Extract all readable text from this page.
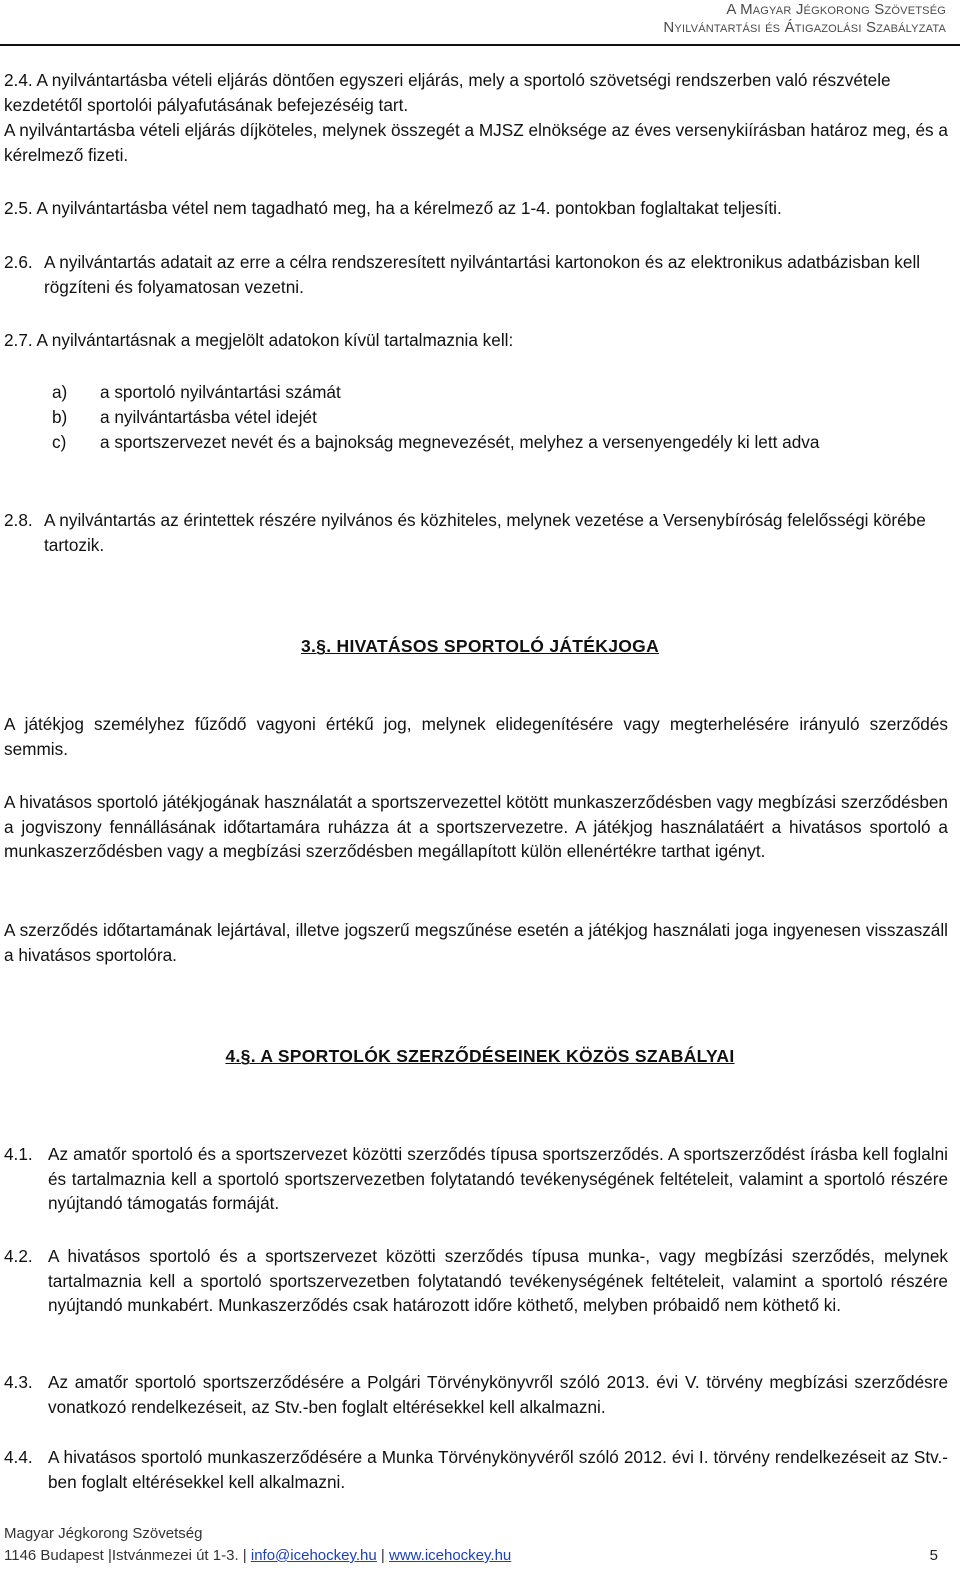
A Magyar Jégkorong Szövetség
Nyilvántartási és Átigazolási Szabályzata
2.4. A nyilvántartásba vételi eljárás döntően egyszeri eljárás, mely a sportoló szövetségi rendszerben való részvétele kezdetétől sportolói pályafutásának befejezéséig tart.
A nyilvántartásba vételi eljárás díjköteles, melynek összegét a MJSZ elnöksége az éves versenykiírásban határoz meg, és a kérelmező fizeti.
2.5. A nyilvántartásba vétel nem tagadható meg, ha a kérelmező az 1-4. pontokban foglaltakat teljesíti.
2.6. A nyilvántartás adatait az erre a célra rendszeresített nyilvántartási kartonokon és az elektronikus adatbázisban kell rögzíteni és folyamatosan vezetni.
2.7. A nyilvántartásnak a megjelölt adatokon kívül tartalmaznia kell:
a)	a sportoló nyilvántartási számát
b)	a nyilvántartásba vétel idejét
c)	a sportszervezet nevét és a bajnokság megnevezését, melyhez a versenyengedély ki lett adva
2.8. A nyilvántartás az érintettek részére nyilvános és közhiteles, melynek vezetése a Versenybíróság felelősségi körébe tartozik.
3.§. HIVATÁSOS SPORTOLÓ JÁTÉKJOGA
A játékjog személyhez fűződő vagyoni értékű jog, melynek elidegenítésére vagy megterhelésére irányuló szerződés semmis.
A hivatásos sportoló játékjogának használatát a sportszervezettel kötött munkaszerződésben vagy megbízási szerződésben a jogviszony fennállásának időtartamára ruházza át a sportszervezetre. A játékjog használatáért a hivatásos sportoló a munkaszerződésben vagy a megbízási szerződésben megállapított külön ellenértékre tarthat igényt.
A szerződés időtartamának lejártával, illetve jogszerű megszűnése esetén a játékjog használati joga ingyenesen visszaszáll a hivatásos sportolóra.
4.§. A SPORTOLÓK SZERZŐDÉSEINEK KÖZÖS SZABÁLYAI
4.1. Az amatőr sportoló és a sportszervezet közötti szerződés típusa sportszerződés. A sportszerződést írásba kell foglalni és tartalmaznia kell a sportoló sportszervezetben folytatandó tevékenységének feltételeit, valamint a sportoló részére nyújtandó támogatás formáját.
4.2. A hivatásos sportoló és a sportszervezet közötti szerződés típusa munka-, vagy megbízási szerződés, melynek tartalmaznia kell a sportoló sportszervezetben folytatandó tevékenységének feltételeit, valamint a sportoló részére nyújtandó munkabért. Munkaszerződés csak határozott időre köthető, melyben próbaidő nem köthető ki.
4.3. Az amatőr sportoló sportszerződésére a Polgári Törvénykönyvről szóló 2013. évi V. törvény megbízási szerződésre vonatkozó rendelkezéseit, az Stv.-ben foglalt eltérésekkel kell alkalmazni.
4.4. A hivatásos sportoló munkaszerződésére a Munka Törvénykönyvéről szóló 2012. évi I. törvény rendelkezéseit az Stv.-ben foglalt eltérésekkel kell alkalmazni.
Magyar Jégkorong Szövetség
1146 Budapest |Istvánmezei út 1-3. | info@icehockey.hu | www.icehockey.hu	5
